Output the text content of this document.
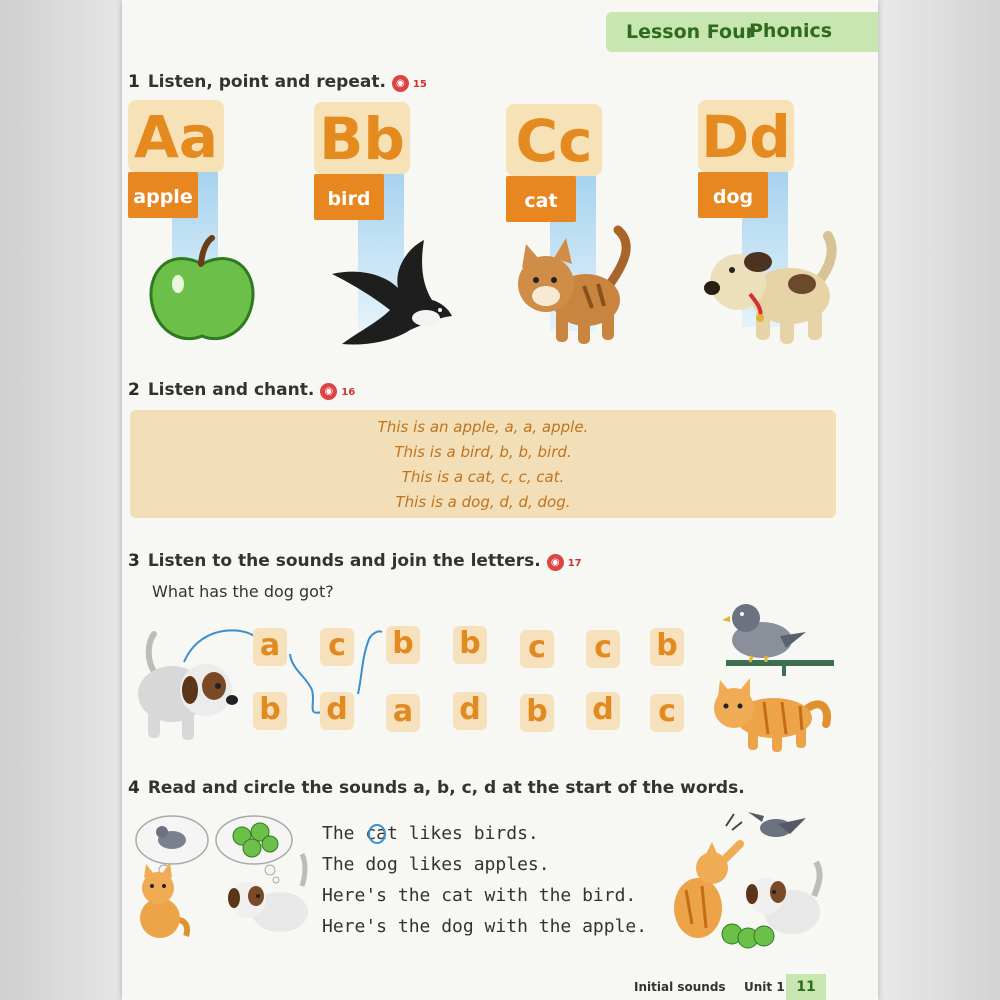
Lesson Four
Phonics
1 Listen, point and repeat. ◉ 15
Aa
apple
Bb
bird
Cc
cat
Dd
dog
2 Listen and chant. ◉ 16
This is an apple, a, a, apple.
This is a bird, b, b, bird.
This is a cat, c, c, cat.
This is a dog, d, d, dog.
3 Listen to the sounds and join the letters. ◉ 17
What has the dog got?
a c b b c c b
b d a d b d c
4 Read and circle the sounds a, b, c, d at the start of the words.
The cat likes birds.
The dog likes apples.
Here's the cat with the bird.
Here's the dog with the apple.
Initial sounds Unit 1 11
